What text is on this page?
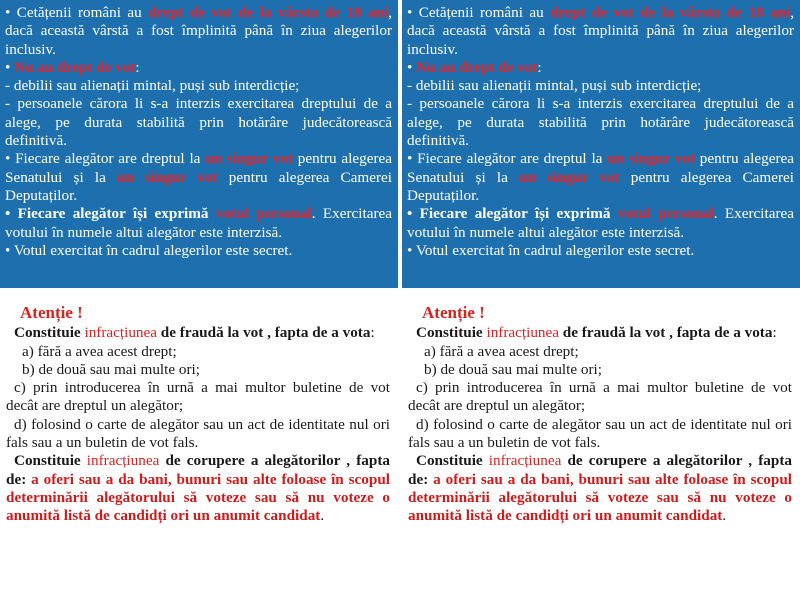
• Cetățenii români au drept de vot de la vârsta de 18 ani, dacă această vârstă a fost împlinită până în ziua alegerilor inclusiv.

• Nu au drept de vot:

- debilii sau alienații mintal, puși sub interdicție;

- persoanele cărora li s-a interzis exercitarea dreptului de a alege, pe durata stabilită prin hotărâre judecătorească definitivă.

• Fiecare alegător are dreptul la un singur vot pentru alegerea Senatului și la un singur vot pentru alegerea Camerei Deputaților.

• Fiecare alegător își exprimă votul personal. Exercitarea votului în numele altui alegător este interzisă.

• Votul exercitat în cadrul alegerilor este secret.

Atenție !

Constituie infracțiunea de fraudă la vot , fapta de a vota:

a) fără a avea acest drept;

b) de două sau mai multe ori;

c) prin introducerea în urnă a mai multor buletine de vot decât are dreptul un alegător;

d) folosind o carte de alegător sau un act de identitate nul ori fals sau a un buletin de vot fals.

Constituie infracțiunea de corupere a alegătorilor , fapta de: a oferi sau a da bani, bunuri sau alte foloase în scopul determinării alegătorului să voteze sau să nu voteze o anumită listă de candidți ori un anumit candidat.

• Cetățenii români au drept de vot de la vârsta de 18 ani, dacă această vârstă a fost împlinită până în ziua alegerilor inclusiv.

• Nu au drept de vot:

- debilii sau alienații mintal, puși sub interdicție;

- persoanele cărora li s-a interzis exercitarea dreptului de a alege, pe durata stabilită prin hotărâre judecătorească definitivă.

• Fiecare alegător are dreptul la un singur vot pentru alegerea Senatului și la un singur vot pentru alegerea Camerei Deputaților.

• Fiecare alegător își exprimă votul personal. Exercitarea votului în numele altui alegător este interzisă.

• Votul exercitat în cadrul alegerilor este secret.

Atenție !

Constituie infracțiunea de fraudă la vot , fapta de a vota:

a) fără a avea acest drept;

b) de două sau mai multe ori;

c) prin introducerea în urnă a mai multor buletine de vot decât are dreptul un alegător;

d) folosind o carte de alegător sau un act de identitate nul ori fals sau a un buletin de vot fals.

Constituie infracțiunea de corupere a alegătorilor , fapta de: a oferi sau a da bani, bunuri sau alte foloase în scopul determinării alegătorului să voteze sau să nu voteze o anumită listă de candidți ori un anumit candidat.
